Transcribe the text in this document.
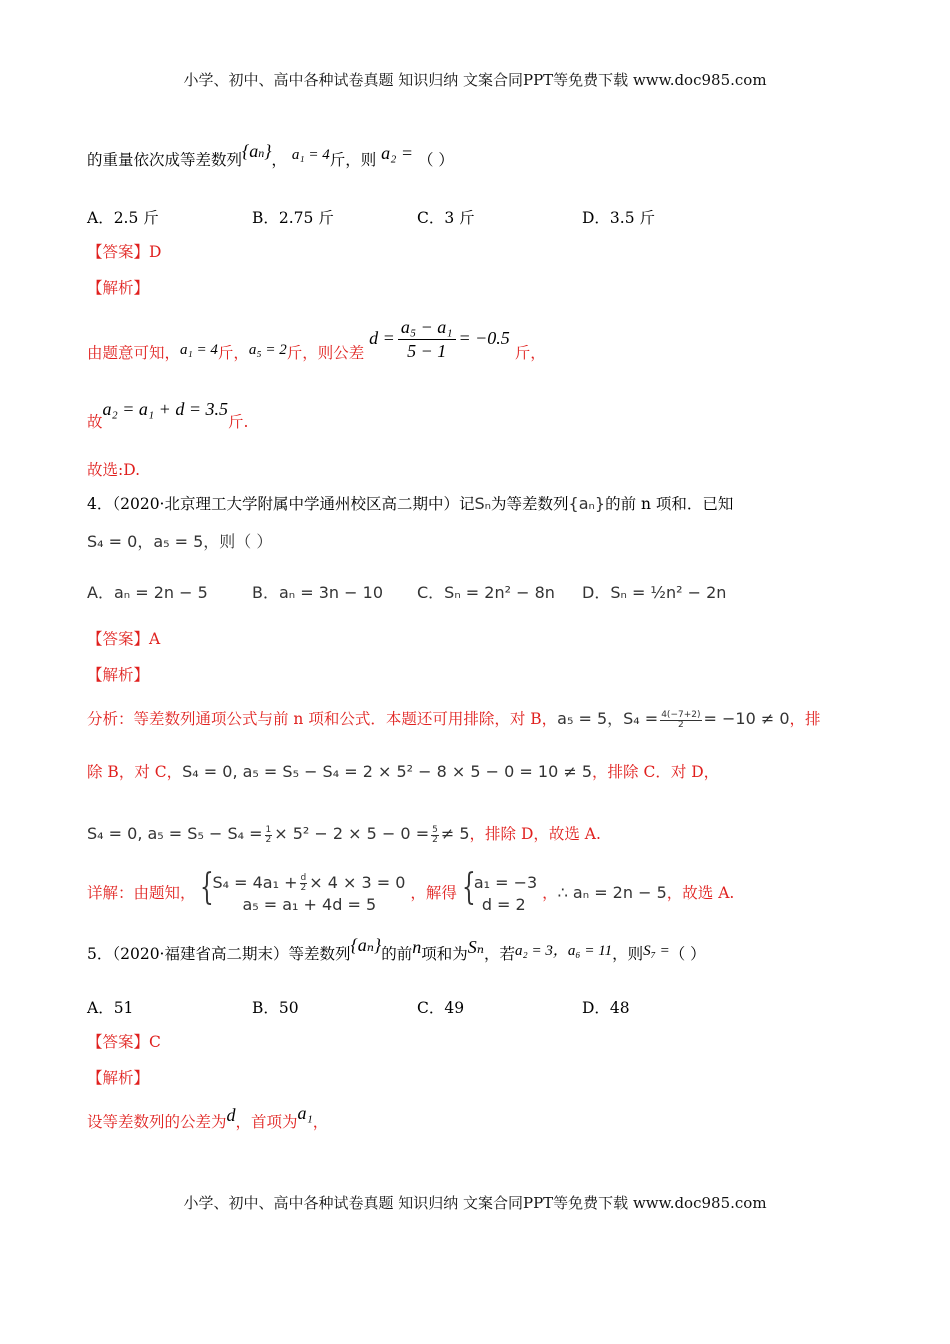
小学、初中、高中各种试卷真题 知识归纳 文案合同PPT等免费下载 www.doc985.com
的重量依次成等差数列$\{a^n\}$， a₁ = 4斤，则 a₂ = （ ）
A．2.5 斤	B．2.75 斤	C．3 斤	D．3.5 斤
【答案】D
【解析】
由题意可知，a₁ = 4斤，a₅ = 2斤，则公差 $d = \frac{\text{a₅ − a₁}}{5 - 1} = -0.5$ 斤，
故a₂ = a₁ + d = 3.5斤.
故选:D.
4．（2020·北京理工大学附属中学通州校区高二期中）记Sₙ为等差数列{aₙ}的前 n 项和．已知
S₄ = 0，a₅ = 5，则（ ）
A．aₙ = 2n − 5	B．aₙ = 3n − 10 C．Sₙ = 2n² − 8n D．Sₙ = ½n² − 2n
【答案】A
【解析】
分析：等差数列通项公式与前 n 项和公式．本题还可用排除，对 B，a₅ = 5，$S_4 = \frac{4(-7+2)}{2} = -10 \ne 0$，排
除 B，对 C，S₄ = 0, a₅ = S₅ − S₄ = 2 × 5² − 8 × 5 − 0 = 10 ≠ 5，排除 C．对 D，
S₄ = 0, $a_5 = S_5 - S_4 = \frac{1}{2} \times 5^2 - 2 \times 5 - 0 = \frac{5}{2} \ne 5$，排除 D，故选 A.
详解：由题知， {
$S_4 = 4a_1 + \frac{d}{2} \times 4 \times 3 = 0$
a₅ = a₁ + 4d = 5
，解得 {
a₁ = −3
d = 2
，∴ aₙ = 2n − 5，故选 A.
5．（2020·福建省高二期末）等差数列{aₙ}的前n项和为Sₙ，若a₂ = 3，a₆ = 11，则S₇ =（ ）
A．51	B．50	C．49	D．48
【答案】C
【解析】
设等差数列的公差为d，首项为a₁，
小学、初中、高中各种试卷真题 知识归纳 文案合同PPT等免费下载 www.doc985.com
